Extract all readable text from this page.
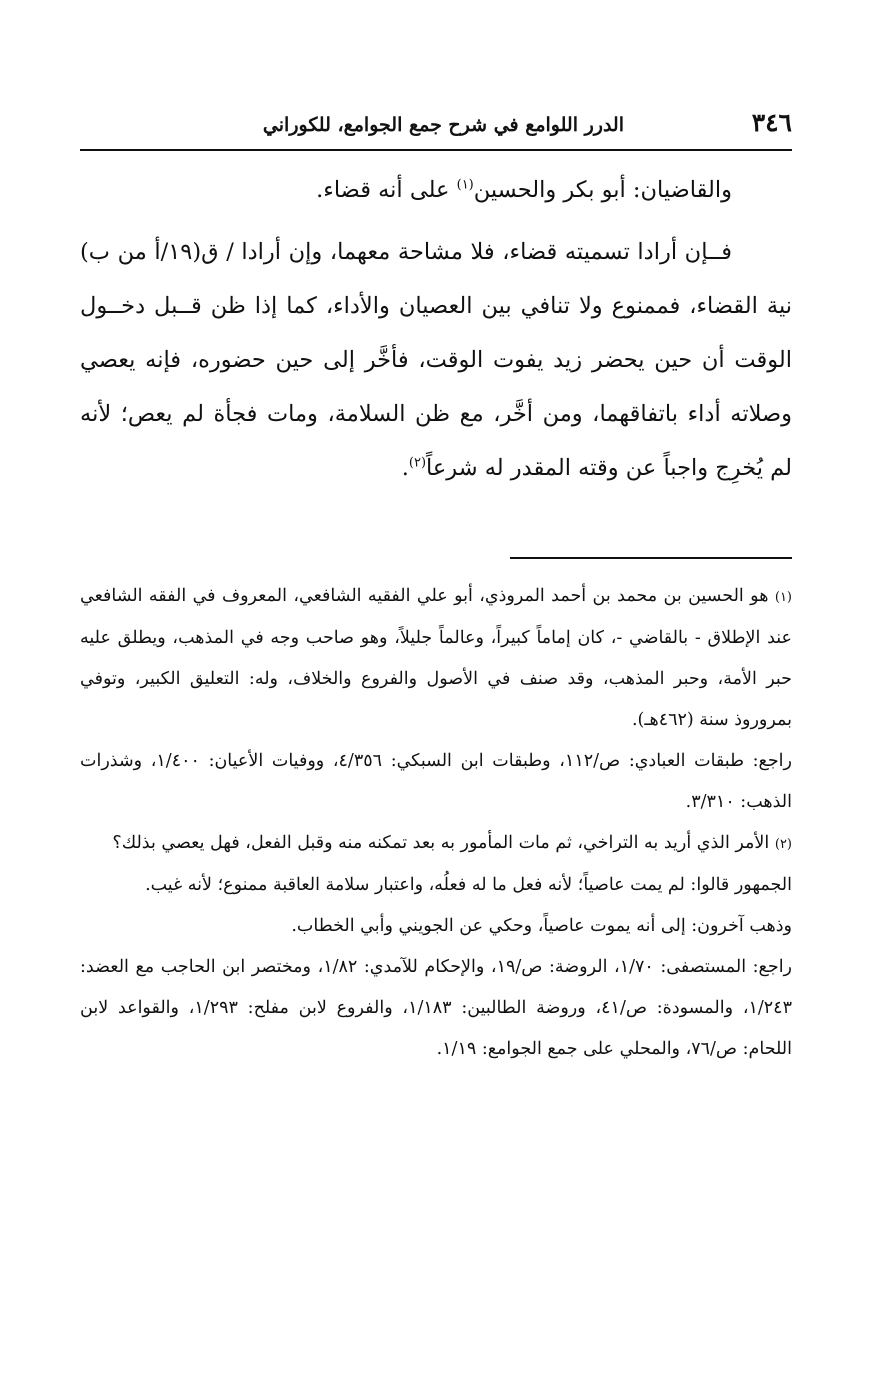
٣٤٦
الدرر اللوامع في شرح جمع الجوامع، للكوراني

والقاضيان: أبو بكر والحسين$^{(١)}$ على أنه قضاء.

فــإن أرادا تسميته قضاء، فلا مشاحة معهما، وإن أرادا / ق(١٩/أ من ب) نية القضاء، فممنوع ولا تنافي بين العصيان والأداء، كما إذا ظن قــبل دخــول الوقت أن حين يحضر زيد يفوت الوقت، فأخَّر إلى حين حضوره، فإنه يعصي وصلاته أداء باتفاقهما، ومن أخَّر، مع ظن السلامة، ومات فجأة لم يعص؛ لأنه لم يُخرِج واجباً عن وقته المقدر له شرعاً$^{(٢)}$.

(١) هو الحسين بن محمد بن أحمد المروذي، أبو علي الفقيه الشافعي، المعروف في الفقه الشافعي عند الإطلاق - بالقاضي -، كان إماماً كبيراً، وعالماً جليلاً، وهو صاحب وجه في المذهب، ويطلق عليه حبر الأمة، وحبر المذهب، وقد صنف في الأصول والفروع والخلاف، وله: التعليق الكبير، وتوفي بمروروذ سنة (٤٦٢هـ).

راجع: طبقات العبادي: ص/١١٢، وطبقات ابن السبكي: ٤/٣٥٦، ووفيات الأعيان: ١/٤٠٠، وشذرات الذهب: ٣/٣١٠.

(٢) الأمر الذي أريد به التراخي، ثم مات المأمور به بعد تمكنه منه وقبل الفعل، فهل يعصي بذلك؟

الجمهور قالوا: لم يمت عاصياً؛ لأنه فعل ما له فعلُه، واعتبار سلامة العاقبة ممنوع؛ لأنه غيب.

وذهب آخرون: إلى أنه يموت عاصياً، وحكي عن الجويني وأبي الخطاب.

راجع: المستصفى: ١/٧٠، الروضة: ص/١٩، والإحكام للآمدي: ١/٨٢، ومختصر ابن الحاجب مع العضد: ١/٢٤٣، والمسودة: ص/٤١، وروضة الطالبين: ١/١٨٣، والفروع لابن مفلح: ١/٢٩٣، والقواعد لابن اللحام: ص/٧٦، والمحلي على جمع الجوامع: ١/١٩.
